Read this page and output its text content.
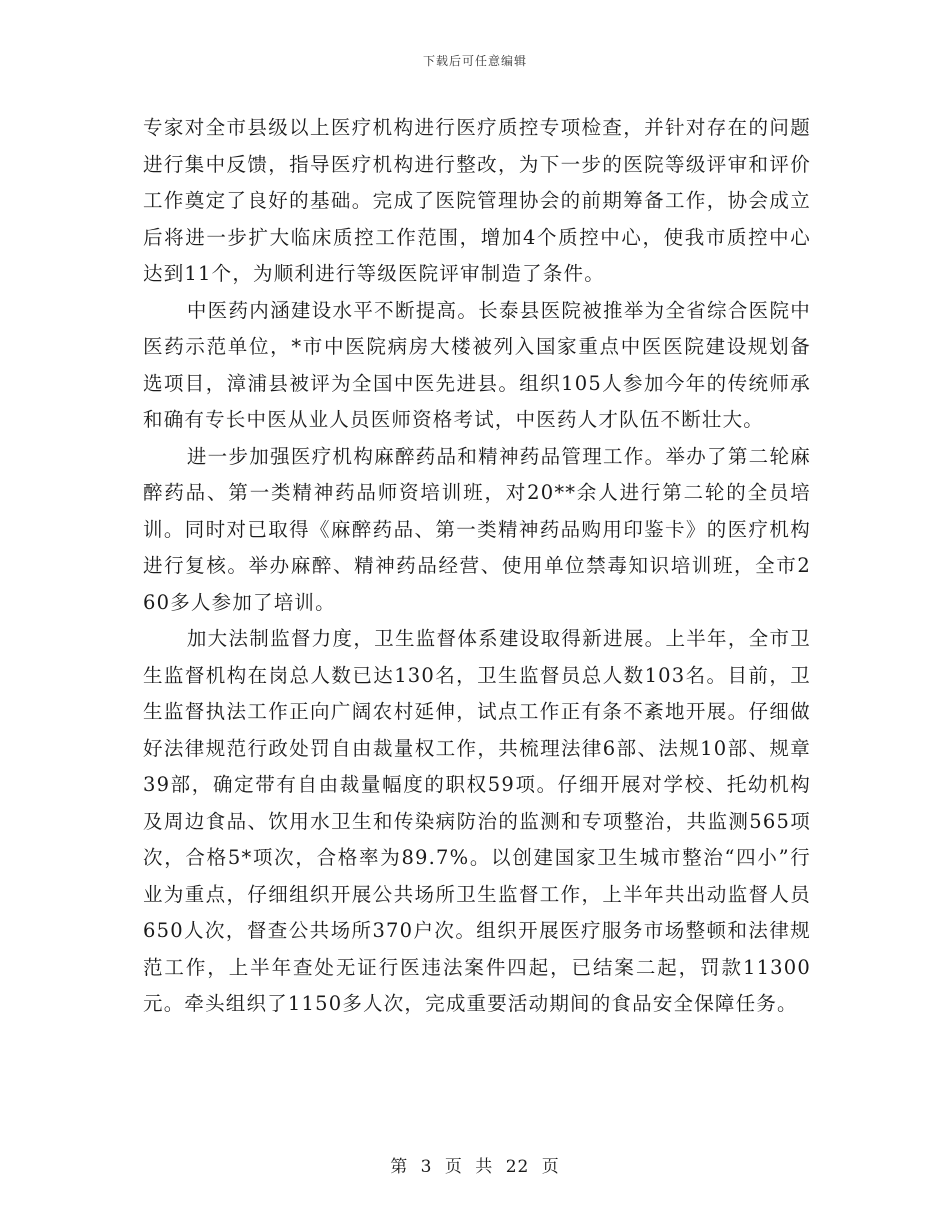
下载后可任意编辑

专家对全市县级以上医疗机构进行医疗质控专项检查，并针对存在的问题进行集中反馈，指导医疗机构进行整改，为下一步的医院等级评审和评价工作奠定了良好的基础。完成了医院管理协会的前期筹备工作，协会成立后将进一步扩大临床质控工作范围，增加4个质控中心，使我市质控中心达到11个，为顺利进行等级医院评审制造了条件。

中医药内涵建设水平不断提高。长泰县医院被推举为全省综合医院中医药示范单位，*市中医院病房大楼被列入国家重点中医医院建设规划备选项目，漳浦县被评为全国中医先进县。组织105人参加今年的传统师承和确有专长中医从业人员医师资格考试，中医药人才队伍不断壮大。

进一步加强医疗机构麻醉药品和精神药品管理工作。举办了第二轮麻醉药品、第一类精神药品师资培训班，对20**余人进行第二轮的全员培训。同时对已取得《麻醉药品、第一类精神药品购用印鉴卡》的医疗机构进行复核。举办麻醉、精神药品经营、使用单位禁毒知识培训班，全市260多人参加了培训。

加大法制监督力度，卫生监督体系建设取得新进展。上半年，全市卫生监督机构在岗总人数已达130名，卫生监督员总人数103名。目前，卫生监督执法工作正向广阔农村延伸，试点工作正有条不紊地开展。仔细做好法律规范行政处罚自由裁量权工作，共梳理法律6部、法规10部、规章39部，确定带有自由裁量幅度的职权59项。仔细开展对学校、托幼机构及周边食品、饮用水卫生和传染病防治的监测和专项整治，共监测565项次，合格5*项次，合格率为89.7%。以创建国家卫生城市整治“四小”行业为重点，仔细组织开展公共场所卫生监督工作，上半年共出动监督人员650人次，督查公共场所370户次。组织开展医疗服务市场整顿和法律规范工作，上半年查处无证行医违法案件四起，已结案二起，罚款11300元。牵头组织了1150多人次，完成重要活动期间的食品安全保障任务。

第 3 页 共 22 页
